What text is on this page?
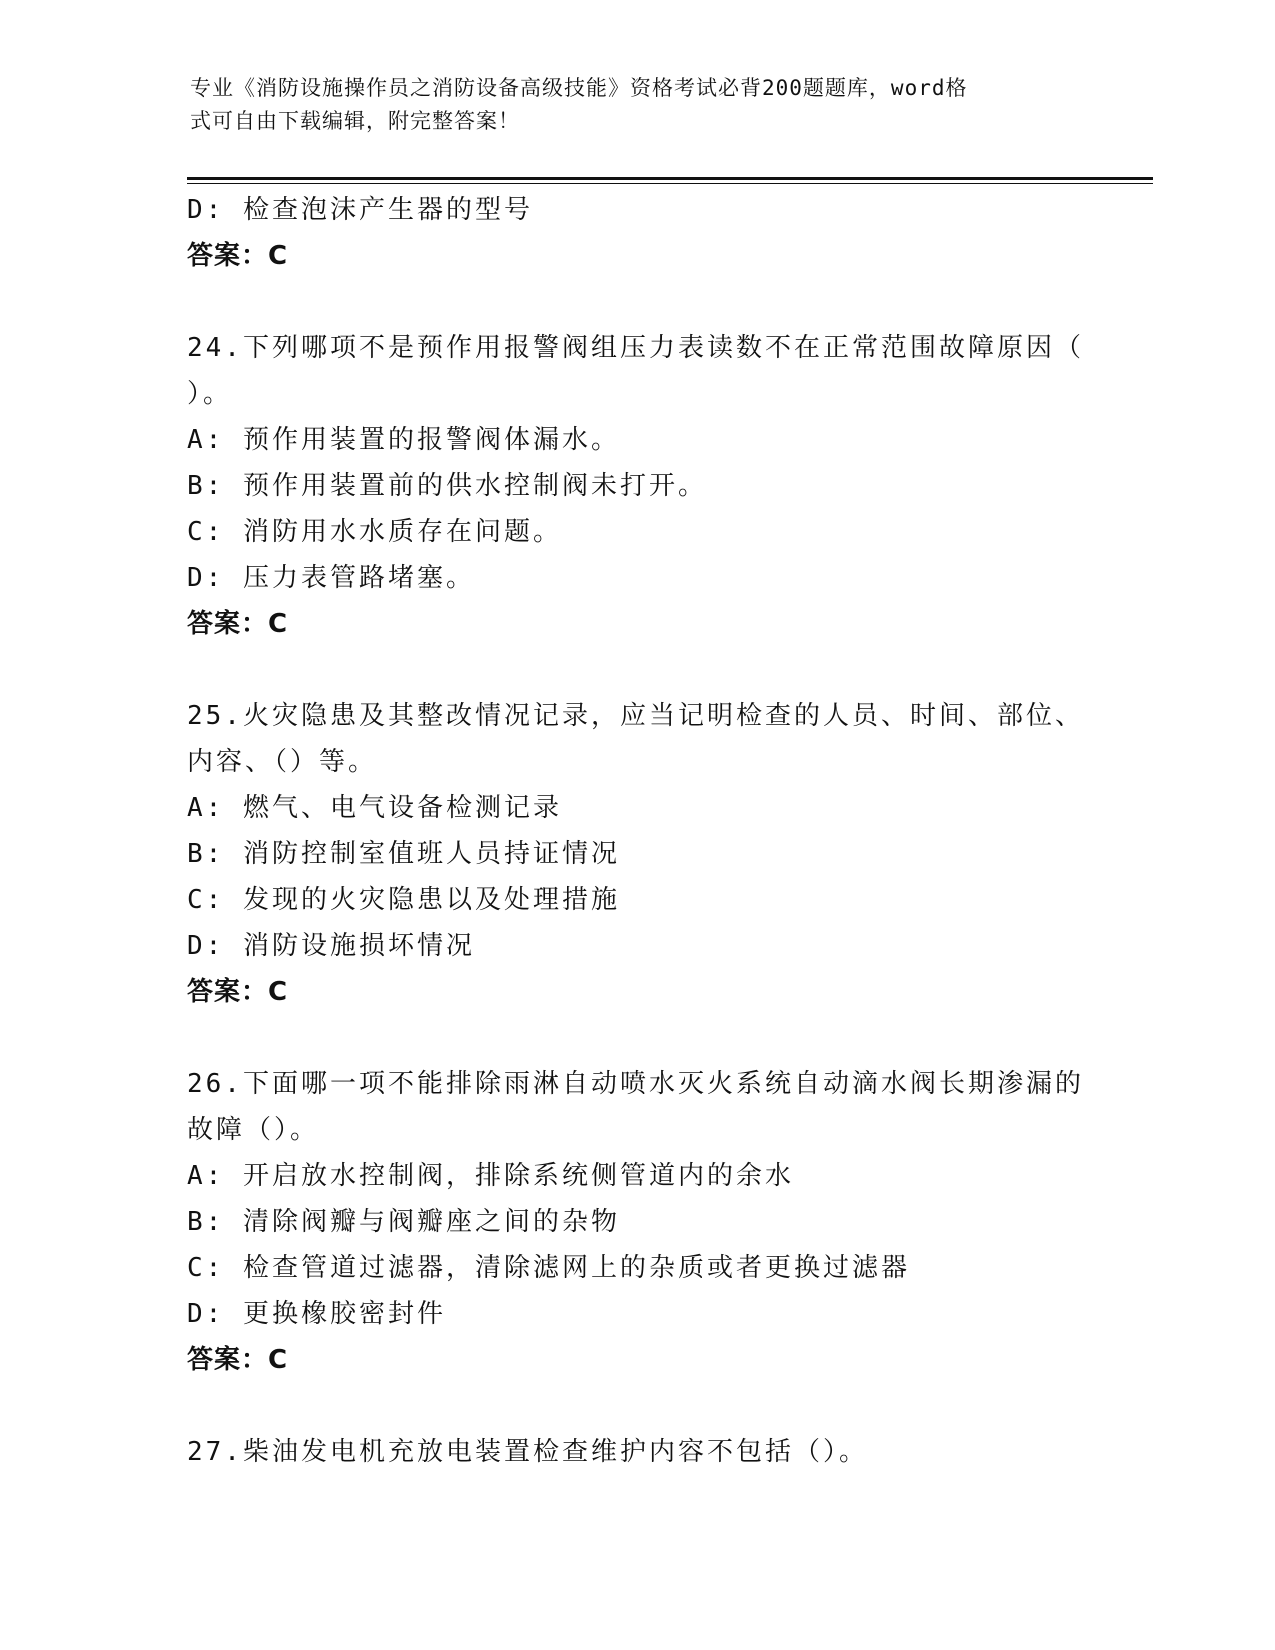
专业《消防设施操作员之消防设备高级技能》资格考试必背200题题库，word格
式可自由下载编辑，附完整答案！
D: 检查泡沫产生器的型号
答案：C
24.下列哪项不是预作用报警阀组压力表读数不在正常范围故障原因（
）。
A: 预作用装置的报警阀体漏水。
B: 预作用装置前的供水控制阀未打开。
C: 消防用水水质存在问题。
D: 压力表管路堵塞。
答案：C
25.火灾隐患及其整改情况记录，应当记明检查的人员、时间、部位、
内容、（）等。
A: 燃气、电气设备检测记录
B: 消防控制室值班人员持证情况
C: 发现的火灾隐患以及处理措施
D: 消防设施损坏情况
答案：C
26.下面哪一项不能排除雨淋自动喷水灭火系统自动滴水阀长期渗漏的
故障（）。
A: 开启放水控制阀，排除系统侧管道内的余水
B: 清除阀瓣与阀瓣座之间的杂物
C: 检查管道过滤器，清除滤网上的杂质或者更换过滤器
D: 更换橡胶密封件
答案：C
27.柴油发电机充放电装置检查维护内容不包括（）。
